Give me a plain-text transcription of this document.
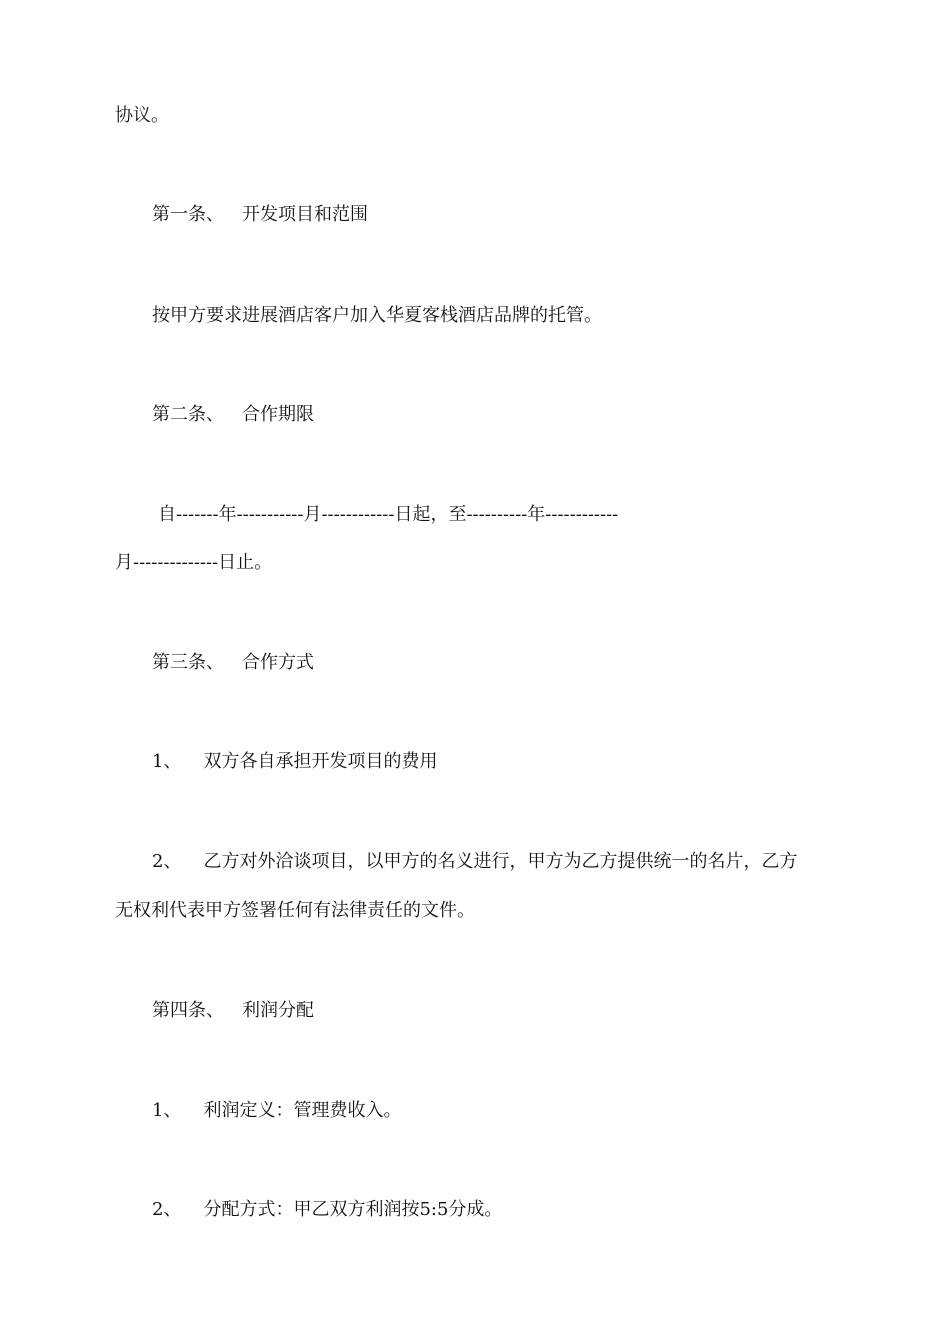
协议。
第一条、 开发项目和范围
按甲方要求进展酒店客户加入华夏客栈酒店品牌的托管。
第二条、 合作期限
自-------年-----------月------------日起，至----------年------------
月--------------日止。
第三条、 合作方式
1、 双方各自承担开发项目的费用
2、 乙方对外洽谈项目，以甲方的名义进行，甲方为乙方提供统一的名片，乙方
无权利代表甲方签署任何有法律责任的文件。
第四条、 利润分配
1、 利润定义：管理费收入。
2、 分配方式：甲乙双方利润按5:5分成。
